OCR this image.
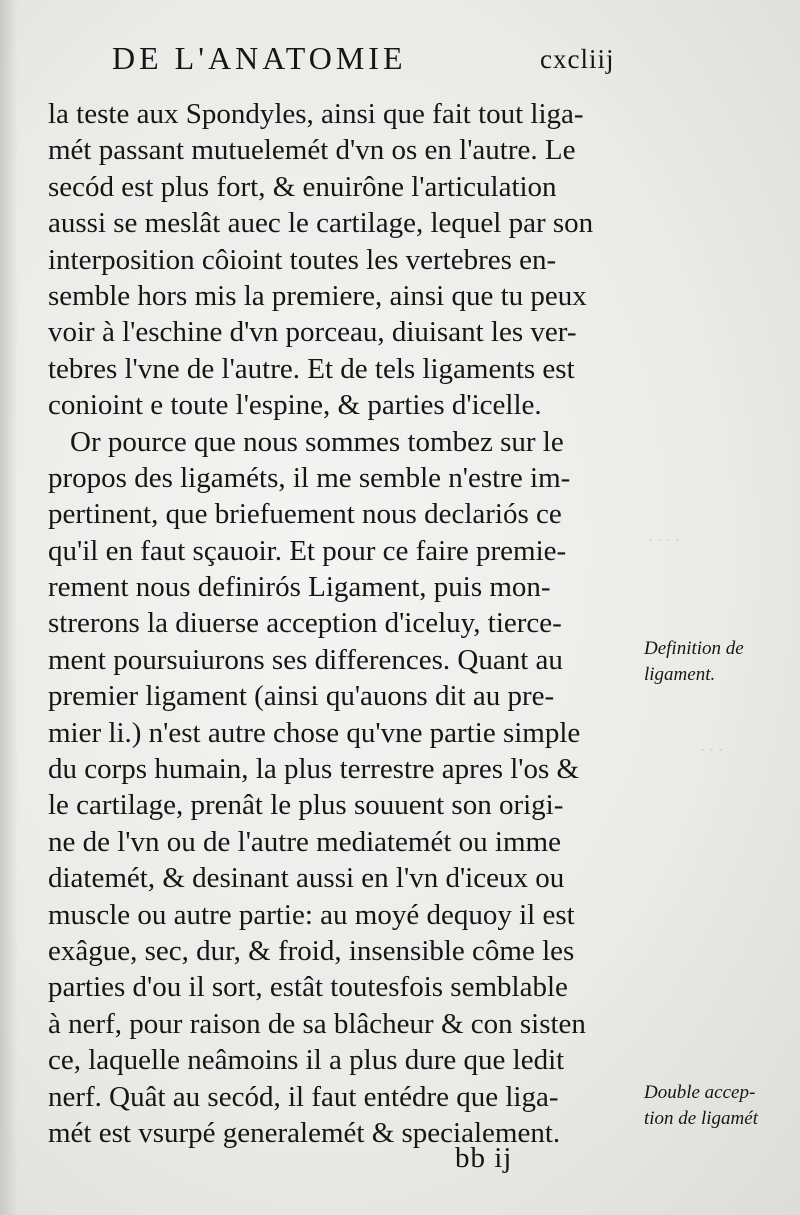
· · · ·
· · ·
DE L'ANATOMIE	cxcliij
la teste aux Spondyles, ainsi que fait tout liga-
mét passant mutuelemét d'vn os en l'autre. Le
secód est plus fort, & enuirône l'articulation
aussi se meslât auec le cartilage, lequel par son
interposition côioint toutes les vertebres en-
semble hors mis la premiere, ainsi que tu peux
voir à l'eschine d'vn porceau, diuisant les ver-
tebres l'vne de l'autre. Et de tels ligaments est
conioint e toute l'espine, & parties d'icelle.
Or pource que nous sommes tombez sur le
propos des ligaméts, il me semble n'estre im-
pertinent, que briefuement nous declariós ce
qu'il en faut sçauoir. Et pour ce faire premie-
rement nous definirós Ligament, puis mon-
strerons la diuerse acception d'iceluy, tierce-
ment poursuiurons ses differences. Quant au
premier ligament (ainsi qu'auons dit au pre-
mier li.) n'est autre chose qu'vne partie simple
du corps humain, la plus terrestre apres l'os &
le cartilage, prenât le plus souuent son origi-
ne de l'vn ou de l'autre mediatemét ou imme
diatemét, & desinant aussi en l'vn d'iceux ou
muscle ou autre partie: au moyé dequoy il est
exâgue, sec, dur, & froid, insensible côme les
parties d'ou il sort, estât toutesfois semblable
à nerf, pour raison de sa blâcheur & con sisten
ce, laquelle neâmoins il a plus dure que ledit
nerf. Quât au secód, il faut entédre que liga-
mét est vsurpé generalemét & specialement.
Definition de
ligament.
Double accep-
tion de ligamét
bb ij
